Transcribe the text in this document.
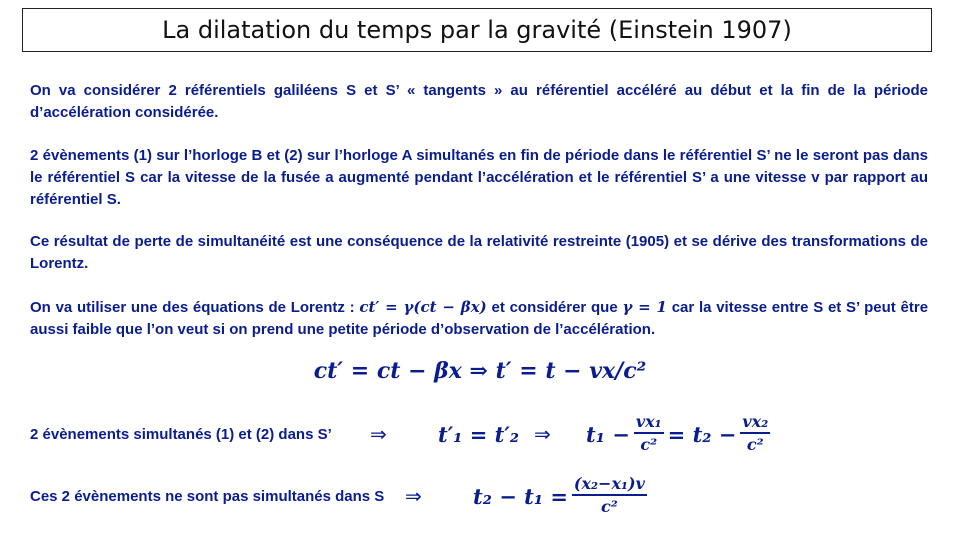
La dilatation du temps par la gravité (Einstein 1907)
On va considérer 2 référentiels galiléens S et S’ « tangents » au référentiel accéléré au début et la fin de la période d’accélération considérée.
2 évènements (1) sur l’horloge B et (2) sur l’horloge A simultanés en fin de période dans le référentiel S’ ne le seront pas dans le référentiel S car la vitesse de la fusée a augmenté pendant l’accélération et le référentiel S’ a une vitesse v par rapport au référentiel S.
Ce résultat de perte de simultanéité est une conséquence de la relativité restreinte (1905) et se dérive des transformations de Lorentz.
On va utiliser une des équations de Lorentz : ct′ = γ(ct − βx) et considérer que γ = 1 car la vitesse entre S et S’ peut être aussi faible que l’on veut si on prend une petite période d’observation de l’accélération.
ct′ = ct − βx ⇒ t′ = t − vx/c²
2 évènements simultanés (1) et (2) dans S’	⇒	t′₁ = t′₂ ⇒	$t_1 - \frac{\text{vx₁}}{\text{c²}} = t_2 - \frac{\text{vx₂}}{\text{c²}}$
Ces 2 évènements ne sont pas simultanés dans S	⇒	$t_2 - t_1 = \frac{\text{(x₂−x₁)v}}{\text{c²}}$
